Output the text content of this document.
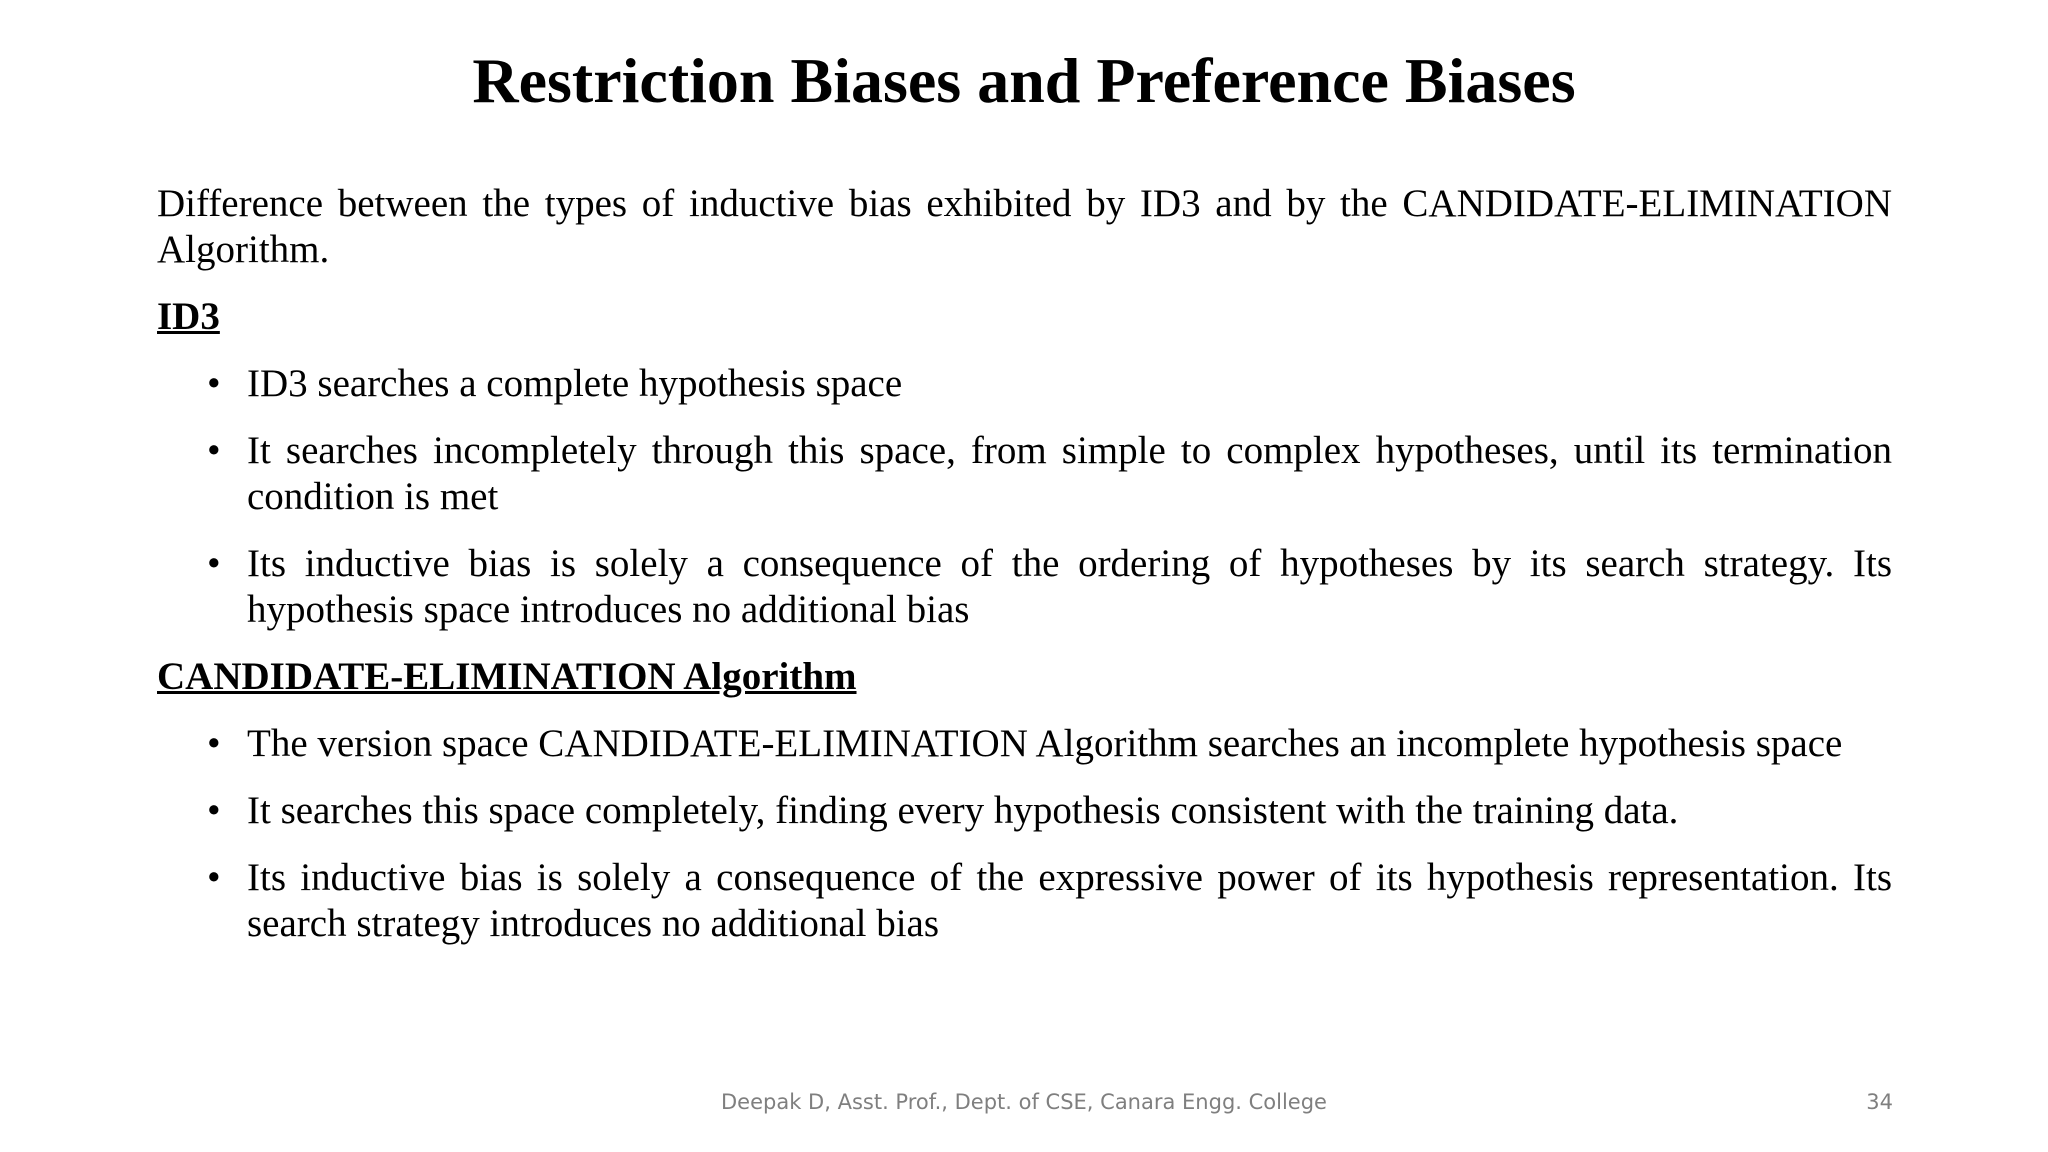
Restriction Biases and Preference Biases

Difference between the types of inductive bias exhibited by ID3 and by the CANDIDATE-ELIMINATION Algorithm.

ID3
• ID3 searches a complete hypothesis space
• It searches incompletely through this space, from simple to complex hypotheses, until its termination condition is met
• Its inductive bias is solely a consequence of the ordering of hypotheses by its search strategy. Its hypothesis space introduces no additional bias
CANDIDATE-ELIMINATION Algorithm
• The version space CANDIDATE-ELIMINATION Algorithm searches an incomplete hypothesis space
• It searches this space completely, finding every hypothesis consistent with the training data.
• Its inductive bias is solely a consequence of the expressive power of its hypothesis representation. Its search strategy introduces no additional bias
Deepak D, Asst. Prof., Dept. of CSE, Canara Engg. College	34
